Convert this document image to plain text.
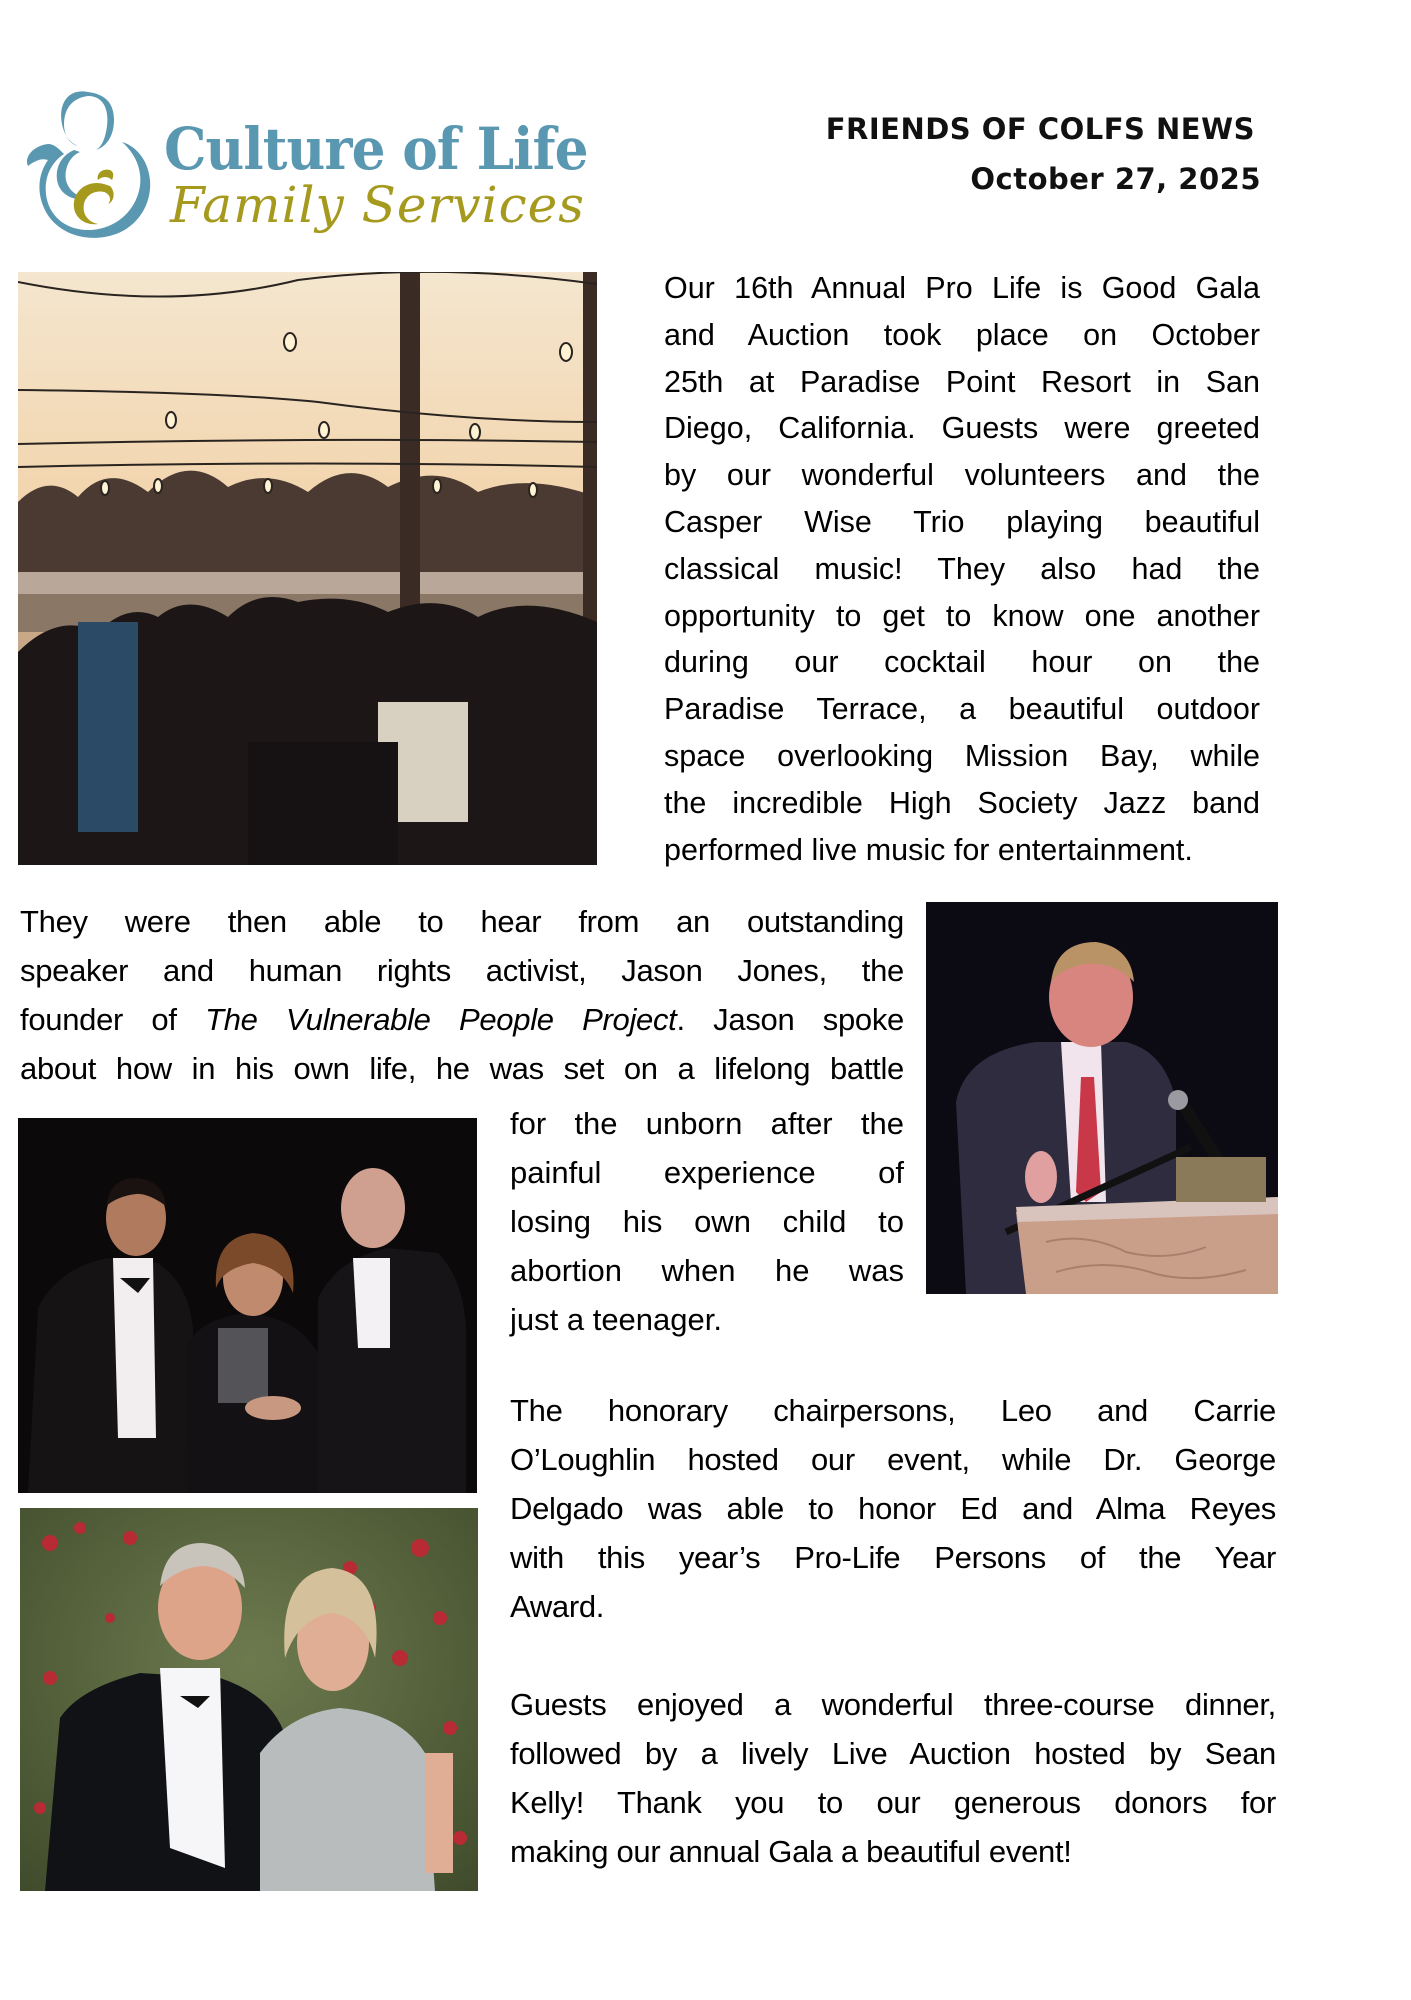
Culture of Life
Family Services
FRIENDS OF COLFS NEWS
October 27, 2025
Our 16th Annual Pro Life is Good Gala
and Auction took place on October
25th at Paradise Point Resort in San
Diego, California. Guests were greeted
by our wonderful volunteers and the
Casper Wise Trio playing beautiful
classical music! They also had the
opportunity to get to know one another
during our cocktail hour on the
Paradise Terrace, a beautiful outdoor
space overlooking Mission Bay, while
the incredible High Society Jazz band
performed live music for entertainment.
They were then able to hear from an outstanding
speaker and human rights activist, Jason Jones, the
founder of The Vulnerable People Project. Jason spoke
about how in his own life, he was set on a lifelong battle
for the unborn after the
painful experience of
losing his own child to
abortion when he was
just a teenager.
The honorary chairpersons, Leo and Carrie
O’Loughlin hosted our event, while Dr. George
Delgado was able to honor Ed and Alma Reyes
with this year’s Pro-Life Persons of the Year
Award.
Guests enjoyed a wonderful three-course dinner,
followed by a lively Live Auction hosted by Sean
Kelly! Thank you to our generous donors for
making our annual Gala a beautiful event!
